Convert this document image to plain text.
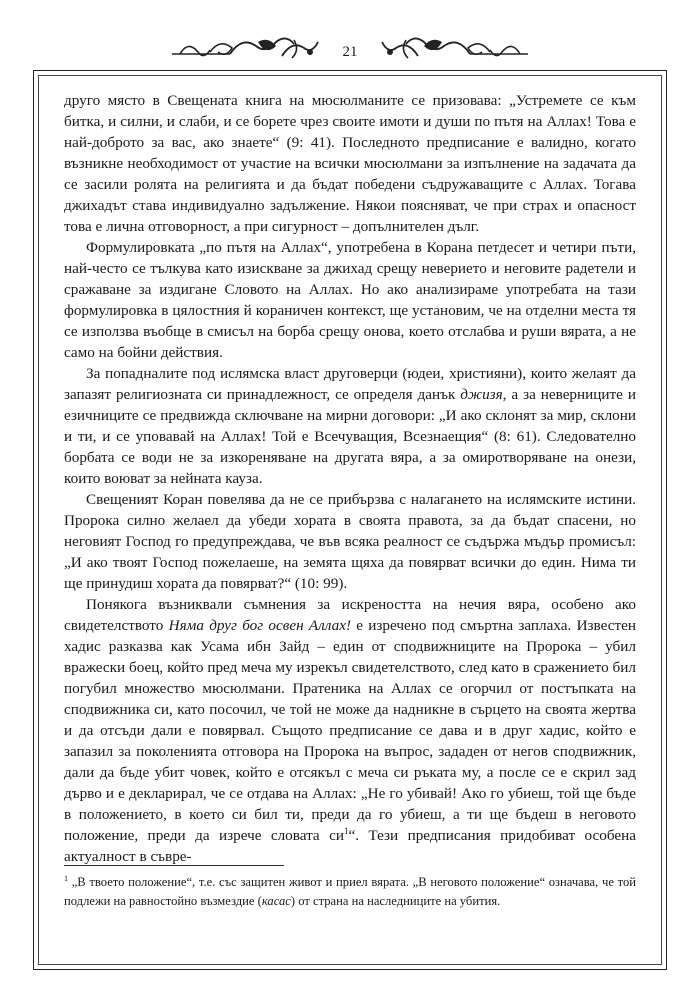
21

друго място в Свещената книга на мюсюлманите се призовава: „Устремете се към битка, и силни, и слаби, и се борете чрез своите имоти и души по пътя на Аллах! Това е най-доброто за вас, ако знаете“ (9: 41). Последното предписание е валидно, когато възникне необходимост от участие на всички мюсюлмани за изпълнение на задачата да се засили ролята на религията и да бъдат победени съдружаващите с Аллах. Тогава джихадът става индивидуално задължение. Някои поясняват, че при страх и опасност това е лична отговорност, а при сигурност – допълнителен дълг.

Формулировката „по пътя на Аллах“, употребена в Корана петдесет и четири пъти, най-често се тълкува като изискване за джихад срещу неверието и неговите радетели и сражаване за издигане Словото на Аллах. Но ако анализираме употребата на тази формулировка в цялостния й кораничен контекст, ще установим, че на отделни места тя се използва въобще в смисъл на борба срещу онова, което отслабва и руши вярата, а не само на бойни действия.

За попадналите под ислямска власт друговерци (юдеи, християни), които желаят да запазят религиозната си принадлежност, се определя данък джизя, а за неверниците и езичниците се предвижда сключване на мирни договори: „И ако склонят за мир, склони и ти, и се уповавай на Аллах! Той е Всечуващия, Всезнаещия“ (8: 61). Следователно борбата се води не за изкореняване на другата вяра, а за омиротворяване на онези, които воюват за нейната кауза.

Свещеният Коран повелява да не се прибързва с налагането на ислямските истини. Пророка силно желаел да убеди хората в своята правота, за да бъдат спасени, но неговият Господ го предупреждава, че във всяка реалност се съдържа мъдър промисъл: „И ако твоят Господ пожелаеше, на земята щяха да повярват всички до един. Нима ти ще принудиш хората да повярват?“ (10: 99).

Понякога възниквали съмнения за искреността на нечия вяра, особено ако свидетелството Няма друг бог освен Аллах! е изречено под смъртна заплаха. Известен хадис разказва как Усама ибн Зайд – един от сподвижниците на Пророка – убил вражески боец, който пред меча му изрекъл свидетелството, след като в сражението бил погубил множество мюсюлмани. Пратеника на Аллах се огорчил от постъпката на сподвижника си, като посочил, че той не може да надникне в сърцето на своята жертва и да отсъди дали е повярвал. Същото предписание се дава и в друг хадис, който е запазил за поколенията отговора на Пророка на въпрос, зададен от негов сподвижник, дали да бъде убит човек, който е отсякъл с меча си ръката му, а после се е скрил зад дърво и е декларирал, че се отдава на Аллах: „Не го убивай! Ако го убиеш, той ще бъде в положението, в което си бил ти, преди да го убиеш, а ти ще бъдеш в неговото положение, преди да изрече словата $си^1“$. Тези предписания придобиват особена актуалност в съвре-

$^1$ „В твоето положение“, т.е. със защитен живот и приел вярата. „В неговото положение“ означава, че той подлежи на равностойно възмездие (касас) от страна на наследниците на убития.
